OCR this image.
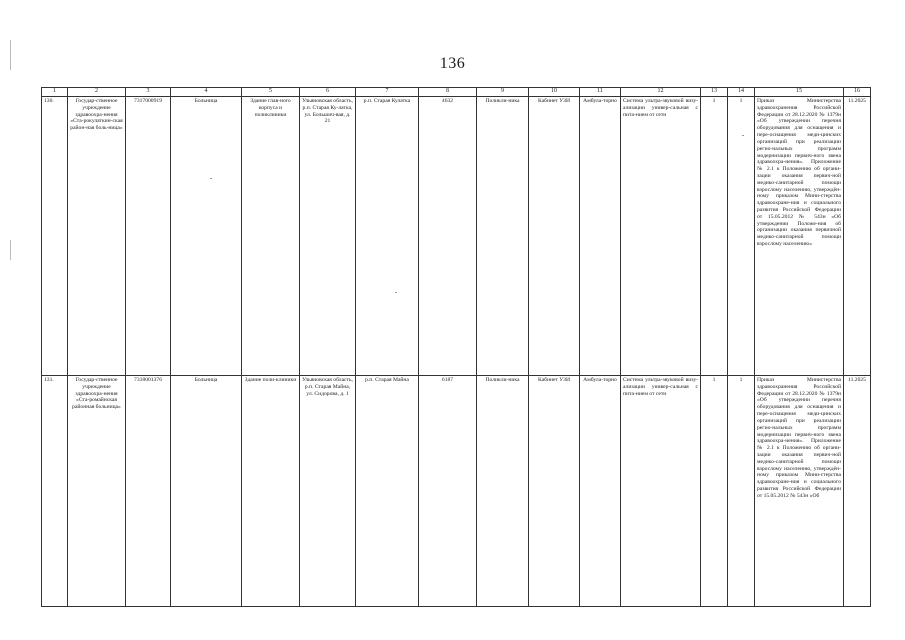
136
1	2	3	4	5	6	7	8	9	10	11	12	13	14	15	16
130.	Государ-ственное учреждение здравоохра-нения «Ста-рокулаткин-ская район-ная боль-ница»	7317000919	Больница	Здание глав-ного корпуса и поликлиники	Ульяновская область, р.п. Старая Ку-латка, ул. Большич-вая, д. 21	р.п. Старая Кулатка	4632	Поликли-ника	Кабинет УЗИ	Амбула-торно	Система ультра-звуковой визу-ализации универ-сальная с пита-нием от сети	1	1	Приказ Министерства здравоохранения Российской Федерации от 28.12.2020 № 1379н «Об утверждении перечня оборудования для оснащения и пере-оснащения меди-цинских организаций при реализации регио-нальных программ модернизации первич-ного звена здравоохра-нения». Приложение № 2.1 к Положению об органи-зации оказания первич-ной медико-санитарной помощи взрослому населению, утверждён-ному приказом Мини-стерства здравоохране-ния и социального развития Российской Федерации от 15.05.2012 № 543н «Об утверждении Положе-ния об организации оказания первичной медико-санитарной помощи взрослому населению»	11.2025
131.	Государ-ственное учреждение здравоохра-нения «Ста-ромайнская районная больница»	7318001376	Больница	Здание поли-клиники	Ульяновская область, р.п. Старая Майна, ул. Сидорова, д. 1	р.п. Старая Майна	6187	Поликли-ника	Кабинет УЗИ	Амбула-торно	Система ультра-звуковой визу-ализации универ-сальная с пита-нием от сети	1	1	Приказ Министерства здравоохранения Российской Федерации от 28.12.2020 № 1379н «Об утверждении перечня оборудования для оснащения и пере-оснащения меди-цинских организаций при реализации регио-нальных программ модернизации первич-ного звена здравоохра-нения». Приложение № 2.1 к Положению об органи-зации оказания первич-ной медико-санитарной помощи взрослому населению, утверждён-ному приказом Мини-стерства здравоохране-ния и социального развития Российской Федерации от 15.05.2012 № 543н «Об	11.2025
